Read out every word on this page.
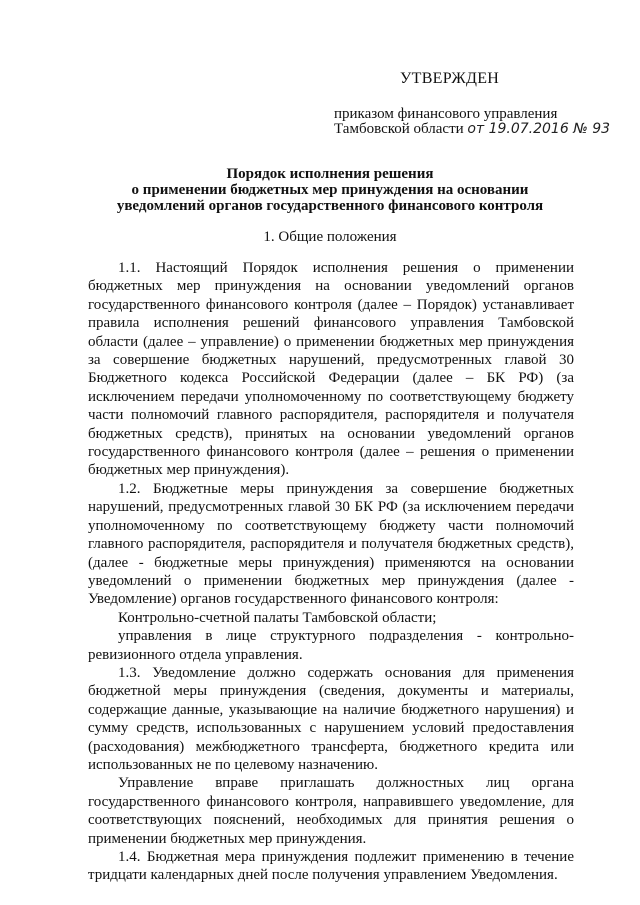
УТВЕРЖДЕН
приказом финансового управления
Тамбовской области от 19.07.2016 № 93
Порядок исполнения решения
о применении бюджетных мер принуждения на основании
уведомлений органов государственного финансового контроля
1. Общие положения

1.1. Настоящий Порядок исполнения решения о применении бюджетных мер принуждения на основании уведомлений органов государственного финансового контроля (далее – Порядок) устанавливает правила исполнения решений финансового управления Тамбовской области (далее – управление) о применении бюджетных мер принуждения за совершение бюджетных нарушений, предусмотренных главой 30 Бюджетного кодекса Российской Федерации (далее – БК РФ) (за исключением передачи уполномоченному по соответствующему бюджету части полномочий главного распорядителя, распорядителя и получателя бюджетных средств), принятых на основании уведомлений органов государственного финансового контроля (далее – решения о применении бюджетных мер принуждения).

1.2. Бюджетные меры принуждения за совершение бюджетных нарушений, предусмотренных главой 30 БК РФ (за исключением передачи уполномоченному по соответствующему бюджету части полномочий главного распорядителя, распорядителя и получателя бюджетных средств), (далее - бюджетные меры принуждения) применяются на основании уведомлений о применении бюджетных мер принуждения (далее - Уведомление) органов государственного финансового контроля:

Контрольно-счетной палаты Тамбовской области;

управления в лице структурного подразделения - контрольно-ревизионного отдела управления.

1.3. Уведомление должно содержать основания для применения бюджетной меры принуждения (сведения, документы и материалы, содержащие данные, указывающие на наличие бюджетного нарушения) и сумму средств, использованных с нарушением условий предоставления (расходования) межбюджетного трансферта, бюджетного кредита или использованных не по целевому назначению.

Управление вправе приглашать должностных лиц органа государственного финансового контроля, направившего уведомление, для соответствующих пояснений, необходимых для принятия решения о применении бюджетных мер принуждения.

1.4. Бюджетная мера принуждения подлежит применению в течение тридцати календарных дней после получения управлением Уведомления.
